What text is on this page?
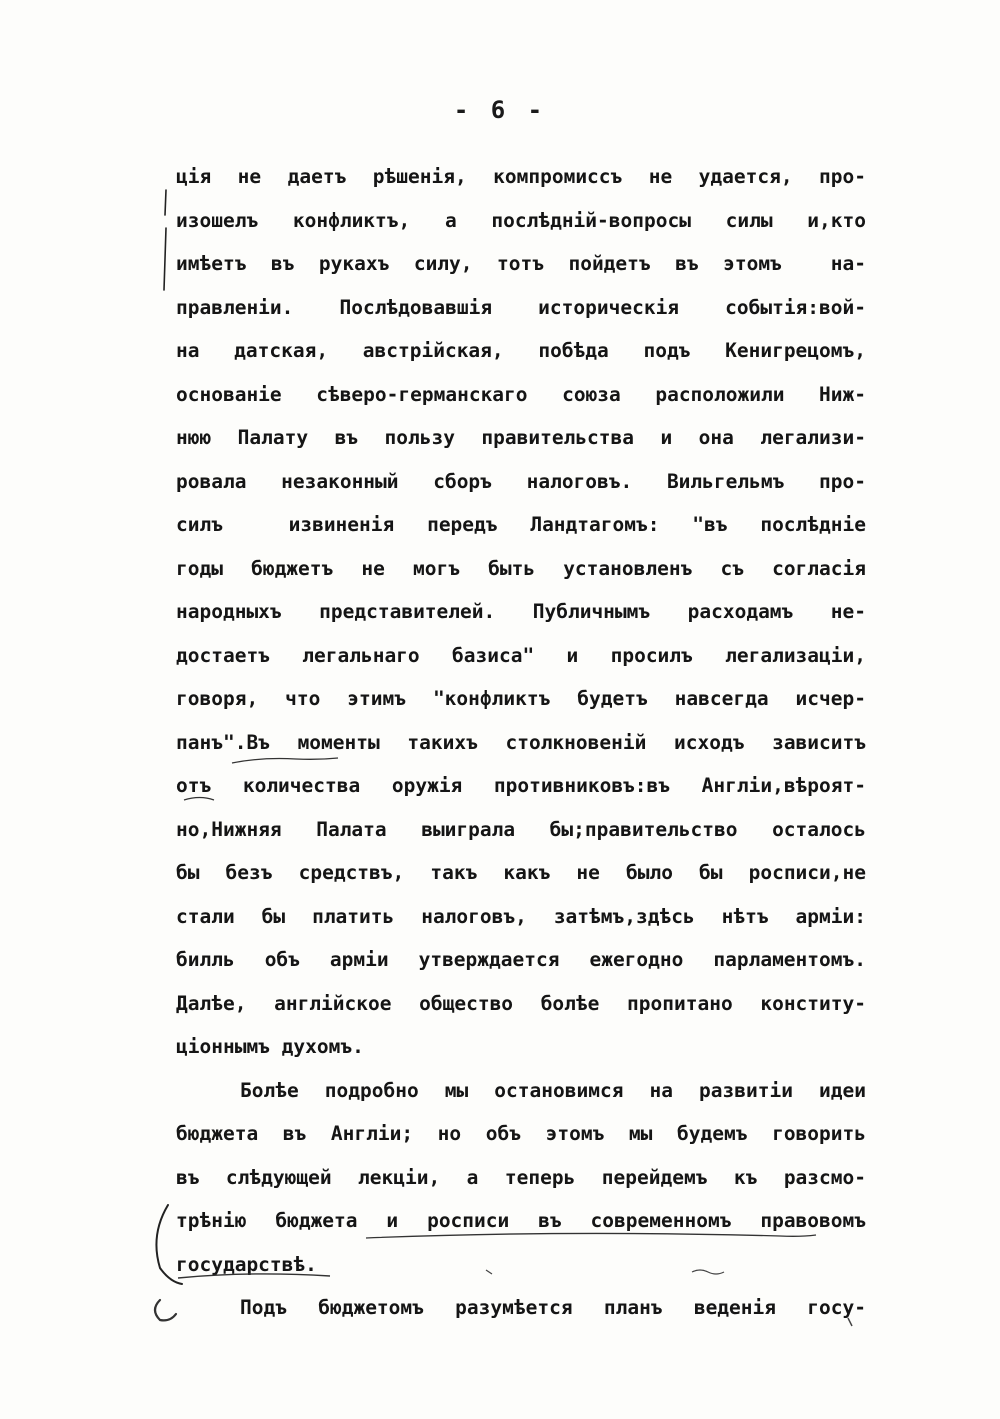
- 6 -
ція не даетъ рѣшенія, компромиссъ не удается, про-
изошелъ конфликтъ, а послѣдній-вопросы силы и,кто
имѣетъ въ рукахъ силу, тотъ пойдетъ въ этомъ  на-
правленіи. Послѣдовавшія историческія событія:вой-
на датская, австрійская, побѣда подъ Кенигрецомъ,
основаніе сѣверо-германскаго союза расположили Ниж-
нюю Палату въ пользу правительства и она легализи-
ровала незаконный сборъ налоговъ. Вильгельмъ про-
силъ  извиненія передъ Ландтагомъ: "въ послѣдніе
годы бюджетъ не могъ быть установленъ съ согласія
народныхъ представителей. Публичнымъ расходамъ не-
достаетъ легальнаго базиса" и просилъ легализаціи,
говоря, что этимъ "конфликтъ будетъ навсегда исчер-
панъ".Въ моменты такихъ столкновеній исходъ зависитъ
отъ количества оружія противниковъ:въ Англіи,вѣроят-
но,Нижняя Палата выиграла бы;правительство осталось
бы безъ средствъ, такъ какъ не было бы росписи,не
стали бы платить налоговъ, затѣмъ,здѣсь нѣтъ арміи:
билль объ арміи утверждается ежегодно парламентомъ.
Далѣе, англійское общество болѣе пропитано конститу-
ціоннымъ духомъ.
Болѣе подробно мы остановимся на развитіи идеи
бюджета въ Англіи; но объ этомъ мы будемъ говорить
въ слѣдующей лекціи, а теперь перейдемъ къ разсмо-
трѣнію бюджета и росписи въ современномъ правовомъ
государствѣ.
Подъ бюджетомъ разумѣется планъ веденія госу-
